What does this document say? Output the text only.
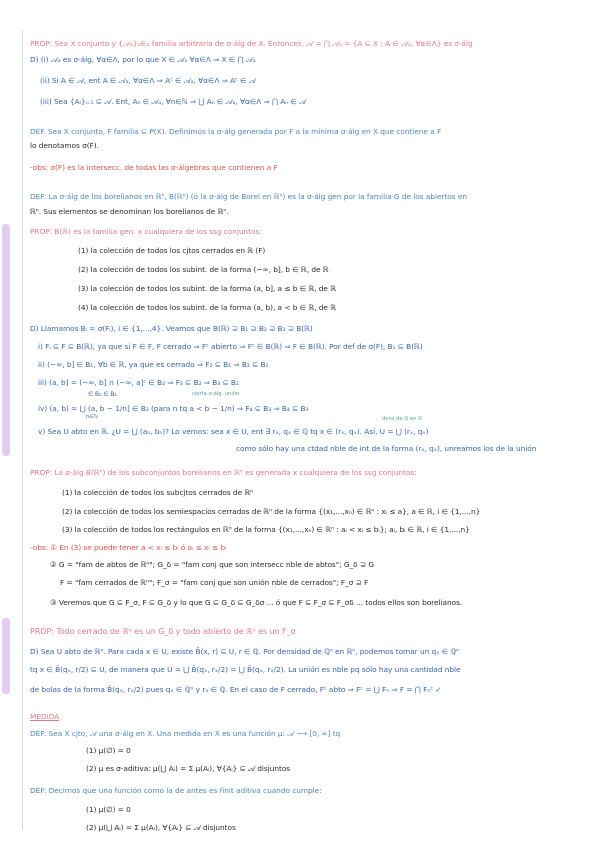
PROP: Sea X conjunto y {𝒜ₐ}ₐ∈ₐ familia arbitraria de σ-álg de X. Entonces, 𝒜 = ⋂ 𝒜ₐ = {A ⊆ X : A ∈ 𝒜ₐ, ∀α∈Λ} es σ-álg
D) (i) 𝒜ₐ es σ-álg, ∀α∈Λ, por lo que X ∈ 𝒜ₐ ∀α∈Λ ⇒ X ∈ ⋂ 𝒜ₐ
(ii) Si A ∈ 𝒜, ent A ∈ 𝒜ₐ, ∀α∈Λ ⇒ Aᶜ ∈ 𝒜ₐ, ∀α∈Λ ⇒ Aᶜ ∈ 𝒜
(iii) Sea {Aᵢ}ᵢ₌₁ ⊆ 𝒜. Ent, Aₙ ∈ 𝒜ₐ, ∀n∈ℕ ⇒ ⋃ Aₙ ∈ 𝒜ₐ, ∀α∈Λ ⇒ ⋂ Aₙ ∈ 𝒜
DEF. Sea X conjunto, F familia ⊆ P(X). Definimos la σ-álg generada por F a la mínima σ-álg en X que contiene a F
lo denotamos σ(F).
-obs: σ(F) es la intersecc. de todas las σ-álgebras que contienen a F
DEF: La σ-álg de los borelianos en ℝⁿ, B(ℝⁿ) (ó la σ-álg de Borel en ℝⁿ) es la σ-álg gen por la familia G de los abiertos en
ℝⁿ. Sus elementos se denominan los borelianos de ℝⁿ.
PROP: B(ℝ) es la familia gen. x cualquiera de los ssg conjuntos:
(1) la colección de todos los cjtos cerrados en ℝ (F)
(2) la colección de todos los subint. de la forma (−∞, b], b ∈ ℝ, de ℝ
(3) la colección de todos los subint. de la forma (a, b], a ≤ b ∈ ℝ, de ℝ
(4) la colección de todos los subint. de la forma (a, b), a < b ∈ ℝ, de ℝ
D) Llamamos Bᵢ = σ(Fᵢ), i ∈ {1,...,4}. Veamos que B(ℝ) ⊇ B₁ ⊇ B₂ ⊇ B₃ ⊇ B(ℝ)
i) Fᵢ ⊆ F ⊆ B(ℝ), ya que si F ∈ F, F cerrado ⇒ Fᶜ abierto ⇒ Fᶜ ∈ B(ℝ) ⇒ F ∈ B(ℝ). Por def de σ(F), B₁ ⊆ B(ℝ)
ii) (−∞, b] ∈ B₁, ∀b ∈ ℝ, ya que es cerrado ⇒ F₂ ⊆ B₁ ⇒ B₂ ⊆ B₁
iii) (a, b] = (−∞, b] ∩ (−∞, a]ᶜ ∈ B₂ ⇒ F₃ ⊆ B₂ ⇒ B₃ ⊆ B₂
∈ B₂ ∈ B₂	cierta σ-álg. unión
iv) (a, b) = ⋃ (a, b − 1/n] ∈ B₃ (para n tq a < b − 1/n) ⇒ F₄ ⊆ B₃ ⇒ B₄ ⊆ B₃
n∈ℕ	dens de ℚ en ℝ
v) Sea U abto en ℝ. ¿U = ⋃ (aₙ, bₙ)? Lo vemos: sea x ∈ U, ent ∃ rₓ, qₓ ∈ ℚ tq x ∈ (rₓ, qₓ). Así, U = ⋃ (rₓ, qₓ)
como sólo hay una ctdad nble de int de la forma (rₓ, qₓ), unreamos los de la unión
PROP: La σ-álg B(ℝⁿ) de los subconjuntos borelianos en ℝⁿ es generada x cualquiera de los ssg conjuntos:
(1) la colección de todos los subcjtos cerrados de ℝⁿ
(2) la colección de todos los semiespacios cerrados de ℝⁿ de la forma {(x₁,...,xₙ) ∈ ℝⁿ : xᵢ ≤ a}, a ∈ ℝ, i ∈ {1,...,n}
(3) la colección de todos los rectángulos en ℝⁿ de la forma {(x₁,...,xₙ) ∈ ℝⁿ : aᵢ < xᵢ ≤ bᵢ}; aᵢ, bᵢ ∈ ℝ, i ∈ {1,...,n}
-obs: ① En (3) se puede tener a < xᵢ ≤ bᵢ ó aᵢ ≤ xᵢ ≤ bᵢ
② G = "fam de abtos de ℝⁿ"; G_δ = "fam conj que son intersecc nble de abtos"; G_δ ⊇ G
F = "fam cerrados de ℝⁿ"; F_σ = "fam conj que son unión nble de cerrados"; F_σ ⊇ F
③ Veremos que G ⊆ F_σ, F ⊆ G_δ y lo que G ⊆ G_δ ⊆ G_δσ ... ó que F ⊆ F_σ ⊆ F_σδ ... todos ellos son borelianos.
PROP: Todo cerrado de ℝⁿ es un G_δ y todo abierto de ℝⁿ es un F_σ
D) Sea U abto de ℝⁿ. Para cada x ∈ U, existe B̄(x, r) ⊆ U, r ∈ ℚ. Por densidad de ℚⁿ en ℝⁿ, podemos tomar un qₓ ∈ ℚⁿ
tq x ∈ B̄(qₓ, r/2) ⊆ U, de manera que U = ⋃ B̄(qₓ, rₓ/2) = ⋃ B̄(qₓ, rₓ/2). La unión es nble pq sólo hay una cantidad nble
de bolas de la forma B̄(qₓ, rₓ/2) pues qₓ ∈ ℚⁿ y rₓ ∈ ℚ. En el caso de F cerrado, Fᶜ abto ⇒ Fᶜ = ⋃ Fₙ ⇒ F = ⋂ Fₙᶜ ✓
MEDIDA
DEF: Sea X cjto, 𝒜 una σ-álg en X. Una medida en X es una función μ: 𝒜 ⟶ [0, ∞] tq
(1) μ(∅) = 0
(2) μ es σ-aditiva: μ(⋃ Aᵢ) = Σ μ(Aᵢ), ∀{Aᵢ} ⊆ 𝒜 disjuntos
DEF: Decimos que una función como la de antes es finit aditiva cuando cumple:
(1) μ(∅) = 0
(2) μ(⋃ Aᵢ) = Σ μ(Aᵢ), ∀{Aᵢ} ⊆ 𝒜 disjuntos
